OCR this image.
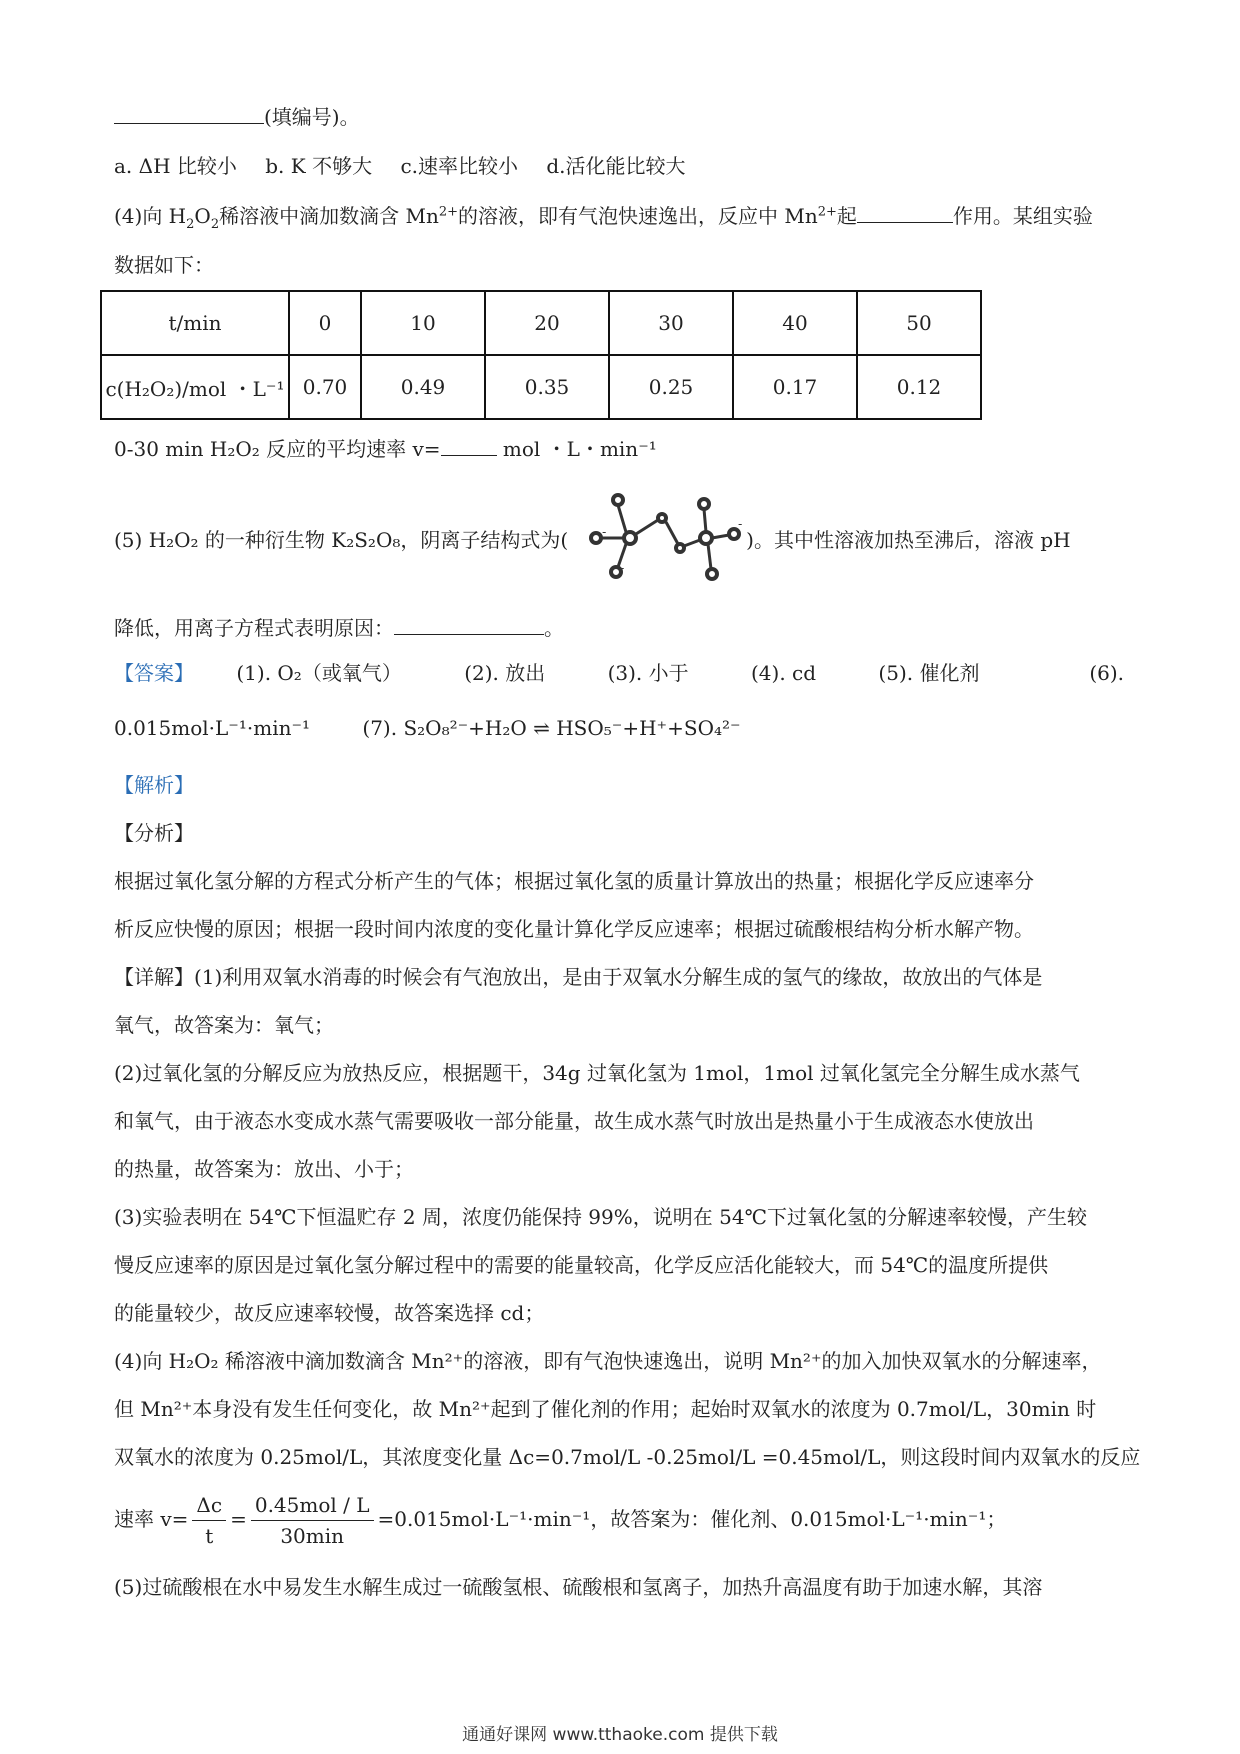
(填编号)。
a. ΔH 比较小 b. K 不够大 c.速率比较小 d.活化能比较大
(4)向 $H_2O_2$稀溶液中滴加数滴含 $Mn^{2+}$的溶液，即有气泡快速逸出，反应中 $Mn^{2+}$起	作用。某组实验
数据如下：
t/min	0	10	20	30	40	50
c(H₂O₂)/mol ・L⁻¹	0.70	0.49	0.35	0.25	0.17	0.12
0-30 min H₂O₂ 反应的平均速率 v=	mol ・L・min⁻¹
(5) H₂O₂ 的一种衍生物 K₂S₂O₈，阴离子结构式为(	)。其中性溶液加热至沸后，溶液 pH
-
-
-
降低，用离子方程式表明原因：	。
【答案】 (1). O₂（或氧气）	(2). 放出	(3). 小于	(4). cd	(5). 催化剂	(6).
0.015mol·L⁻¹·min⁻¹	(7). S₂O₈²⁻+H₂O ⇌ HSO₅⁻+H⁺+SO₄²⁻
【解析】
【分析】
根据过氧化氢分解的方程式分析产生的气体；根据过氧化氢的质量计算放出的热量；根据化学反应速率分
析反应快慢的原因；根据一段时间内浓度的变化量计算化学反应速率；根据过硫酸根结构分析水解产物。
【详解】(1)利用双氧水消毒的时候会有气泡放出，是由于双氧水分解生成的氢气的缘故，故放出的气体是
氧气，故答案为：氧气；
(2)过氧化氢的分解反应为放热反应，根据题干，34g 过氧化氢为 1mol，1mol 过氧化氢完全分解生成水蒸气
和氧气，由于液态水变成水蒸气需要吸收一部分能量，故生成水蒸气时放出是热量小于生成液态水使放出
的热量，故答案为：放出、小于；
(3)实验表明在 54℃下恒温贮存 2 周，浓度仍能保持 99%，说明在 54℃下过氧化氢的分解速率较慢，产生较
慢反应速率的原因是过氧化氢分解过程中的需要的能量较高，化学反应活化能较大，而 54℃的温度所提供
的能量较少，故反应速率较慢，故答案选择 cd；
(4)向 H₂O₂ 稀溶液中滴加数滴含 Mn²⁺的溶液，即有气泡快速逸出，说明 Mn²⁺的加入加快双氧水的分解速率，
但 Mn²⁺本身没有发生任何变化，故 Mn²⁺起到了催化剂的作用；起始时双氧水的浓度为 0.7mol/L，30min 时
双氧水的浓度为 0.25mol/L，其浓度变化量 Δc=0.7mol/L -0.25mol/L =0.45mol/L，则这段时间内双氧水的反应
速率 $v= \frac{\Delta c}{t} = \frac{\text{0.45mol / L}}{30\min} =0.015mol\cdot L^{-1}\cdot\min^{-1}$，故答案为：催化剂、0.015mol·L⁻¹·min⁻¹；
(5)过硫酸根在水中易发生水解生成过一硫酸氢根、硫酸根和氢离子，加热升高温度有助于加速水解，其溶
通通好课网 www.tthaoke.com 提供下载
